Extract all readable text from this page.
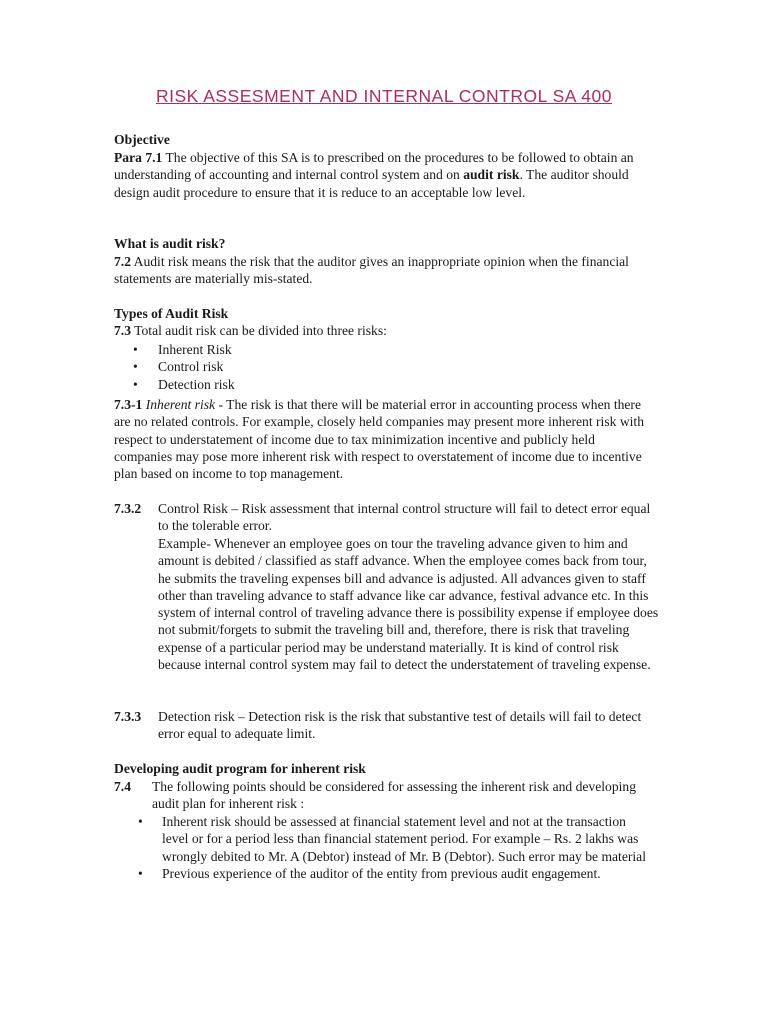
RISK ASSESMENT AND INTERNAL CONTROL SA 400
Objective

Para 7.1 The objective of this SA is to prescribed on the procedures to be followed to obtain an understanding of accounting and internal control system and on audit risk. The auditor should design audit procedure to ensure that it is reduce to an acceptable low level.

What is audit risk?

7.2 Audit risk means the risk that the auditor gives an inappropriate opinion when the financial statements are materially mis-stated.

Types of Audit Risk

7.3 Total audit risk can be divided into three risks:

• Inherent Risk
• Control risk
• Detection risk

7.3-1 Inherent risk - The risk is that there will be material error in accounting process when there are no related controls. For example, closely held companies may present more inherent risk with respect to understatement of income due to tax minimization incentive and publicly held companies may pose more inherent risk with respect to overstatement of income due to incentive plan based on income to top management.

7.3.2 Control Risk – Risk assessment that internal control structure will fail to detect error equal to the tolerable error.

Example- Whenever an employee goes on tour the traveling advance given to him and amount is debited / classified as staff advance. When the employee comes back from tour, he submits the traveling expenses bill and advance is adjusted. All advances given to staff other than traveling advance to staff advance like car advance, festival advance etc. In this system of internal control of traveling advance there is possibility expense if employee does not submit/forgets to submit the traveling bill and, therefore, there is risk that traveling expense of a particular period may be understand materially. It is kind of control risk because internal control system may fail to detect the understatement of traveling expense.

7.3.3 Detection risk – Detection risk is the risk that substantive test of details will fail to detect error equal to adequate limit.

Developing audit program for inherent risk
7.4 The following points should be considered for assessing the inherent risk and developing audit plan for inherent risk :

• Inherent risk should be assessed at financial statement level and not at the transaction level or for a period less than financial statement period. For example – Rs. 2 lakhs was wrongly debited to Mr. A (Debtor) instead of Mr. B (Debtor). Such error may be material
• Previous experience of the auditor of the entity from previous audit engagement.
